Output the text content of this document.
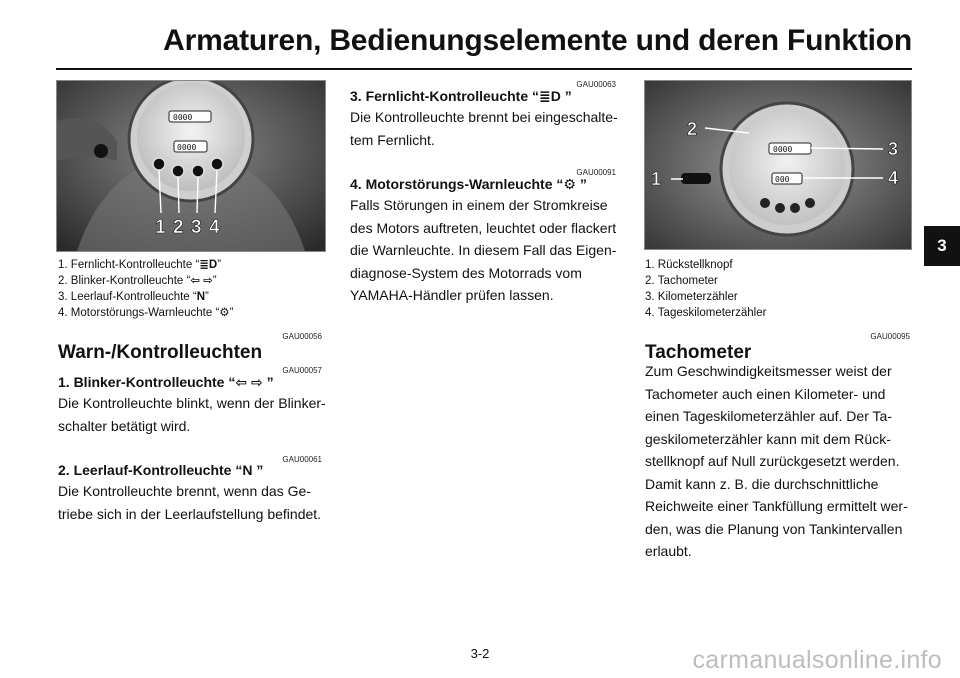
Armaturen, Bedienungselemente und deren Funktion
3
0000
0000
1 2 3 4
1. Fernlicht-Kontrolleuchte “≣D”
2. Blinker-Kontrolleuchte “⇦ ⇨”
3. Leerlauf-Kontrolleuchte “N”
4. Motorstörungs-Warnleuchte “⚙”
GAU00056
Warn-/Kontrolleuchten
GAU00057
1. Blinker-Kontrolleuchte “⇦ ⇨ ”

Die Kontrolleuchte blinkt, wenn der Blinker-schalter betätigt wird.

GAU00061
2. Leerlauf-Kontrolleuchte “N ”

Die Kontrolleuchte brennt, wenn das Ge-triebe sich in der Leerlaufstellung befindet.

GAU00063
3. Fernlicht-Kontrolleuchte “≣D ”

Die Kontrolleuchte brennt bei eingeschalte-tem Fernlicht.

GAU00091
4. Motorstörungs-Warnleuchte “⚙ ”

Falls Störungen in einem der Stromkreise des Motors auftreten, leuchtet oder flackert die Warnleuchte. In diesem Fall das Eigen-diagnose-System des Motorrads vom YAMAHA-Händler prüfen lassen.

0000
000
1
2
3
4
1. Rückstellknopf
2. Tachometer
3. Kilometerzähler
4. Tageskilometerzähler
GAU00095
Tachometer

Zum Geschwindigkeitsmesser weist der Tachometer auch einen Kilometer- und einen Tageskilometerzähler auf. Der Ta-geskilometerzähler kann mit dem Rück-stellknopf auf Null zurückgesetzt werden. Damit kann z. B. die durchschnittliche Reichweite einer Tankfüllung ermittelt wer-den, was die Planung von Tankintervallen erlaubt.

3-2	carmanualsonline.info
